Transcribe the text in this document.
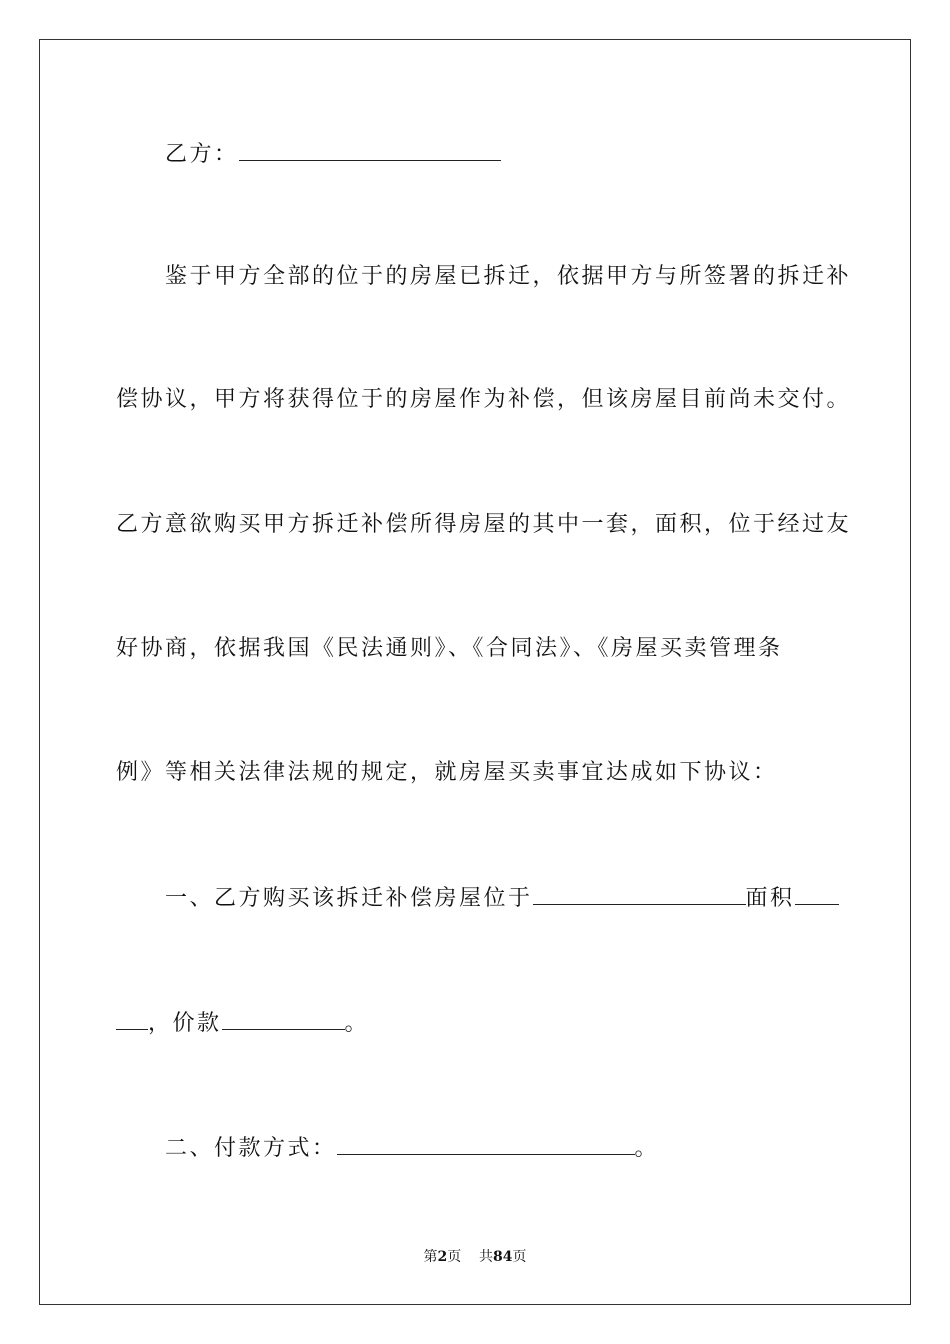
乙方：
鉴于甲方全部的位于的房屋已拆迁，依据甲方与所签署的拆迁补
偿协议，甲方将获得位于的房屋作为补偿，但该房屋目前尚未交付。
乙方意欲购买甲方拆迁补偿所得房屋的其中一套，面积，位于经过友
好协商，依据我国《民法通则》、《合同法》、《房屋买卖管理条
例》等相关法律法规的规定，就房屋买卖事宜达成如下协议：
一、乙方购买该拆迁补偿房屋位于	面积
，价款	。
二、付款方式：	。
第2页 共84页
